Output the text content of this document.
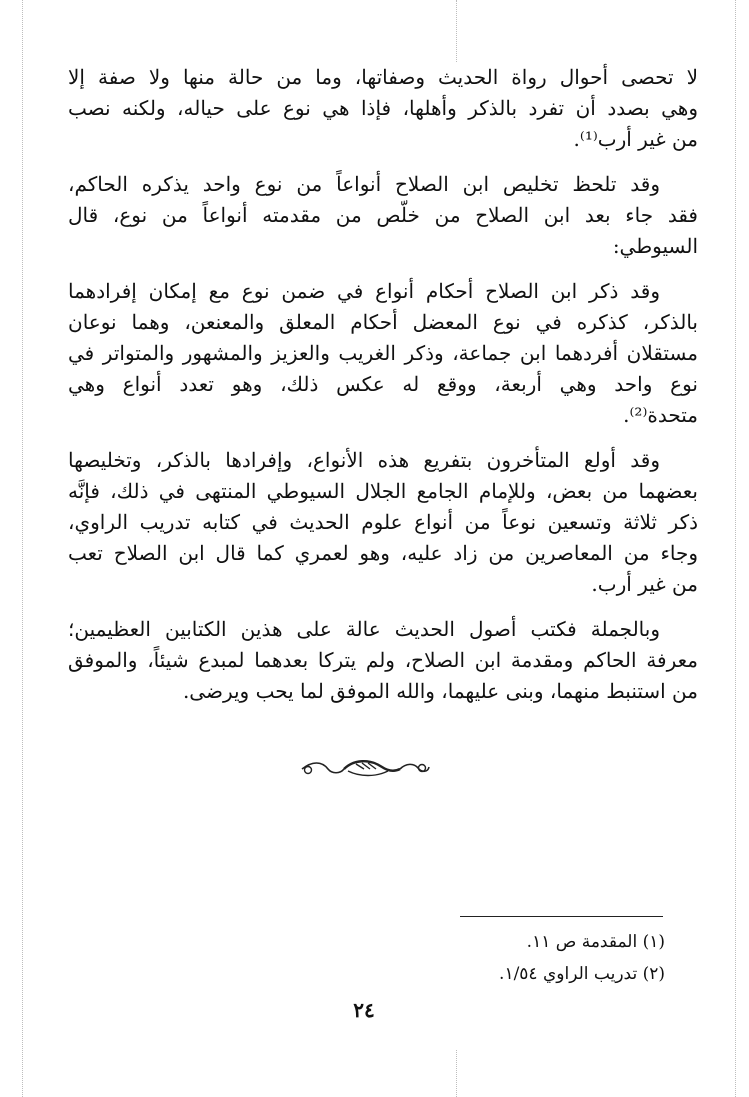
لا تحصى أحوال رواة الحديث وصفاتها، وما من حالة منها ولا صفة إلا
وهي بصدد أن تفرد بالذكر وأهلها، فإذا هي نوع على حياله، ولكنه نصب
من غير أرب⁽¹⁾.

وقد تلحظ تخليص ابن الصلاح أنواعاً من نوع واحد يذكره الحاكم،
فقد جاء بعد ابن الصلاح من خلّص من مقدمته أنواعاً من نوع، قال
السيوطي:

وقد ذكر ابن الصلاح أحكام أنواع في ضمن نوع مع إمكان إفرادهما
بالذكر، كذكره في نوع المعضل أحكام المعلق والمعنعن، وهما نوعان
مستقلان أفردهما ابن جماعة، وذكر الغريب والعزيز والمشهور والمتواتر في
نوع واحد وهي أربعة، ووقع له عكس ذلك، وهو تعدد أنواع وهي
متحدة⁽²⁾.

وقد أولع المتأخرون بتفريع هذه الأنواع، وإفرادها بالذكر، وتخليصها
بعضهما من بعض، وللإمام الجامع الجلال السيوطي المنتهى في ذلك، فإنَّه
ذكر ثلاثة وتسعين نوعاً من أنواع علوم الحديث في كتابه تدريب الراوي،
وجاء من المعاصرين من زاد عليه، وهو لعمري كما قال ابن الصلاح تعب
من غير أرب.

وبالجملة فكتب أصول الحديث عالة على هذين الكتابين العظيمين؛
معرفة الحاكم ومقدمة ابن الصلاح، ولم يتركا بعدهما لمبدع شيئاً، والموفق
من استنبط منهما، وبنى عليهما، والله الموفق لما يحب ويرضى.

(١) المقدمة ص ١١.
(٢) تدريب الراوي ١/٥٤.
٢٤
